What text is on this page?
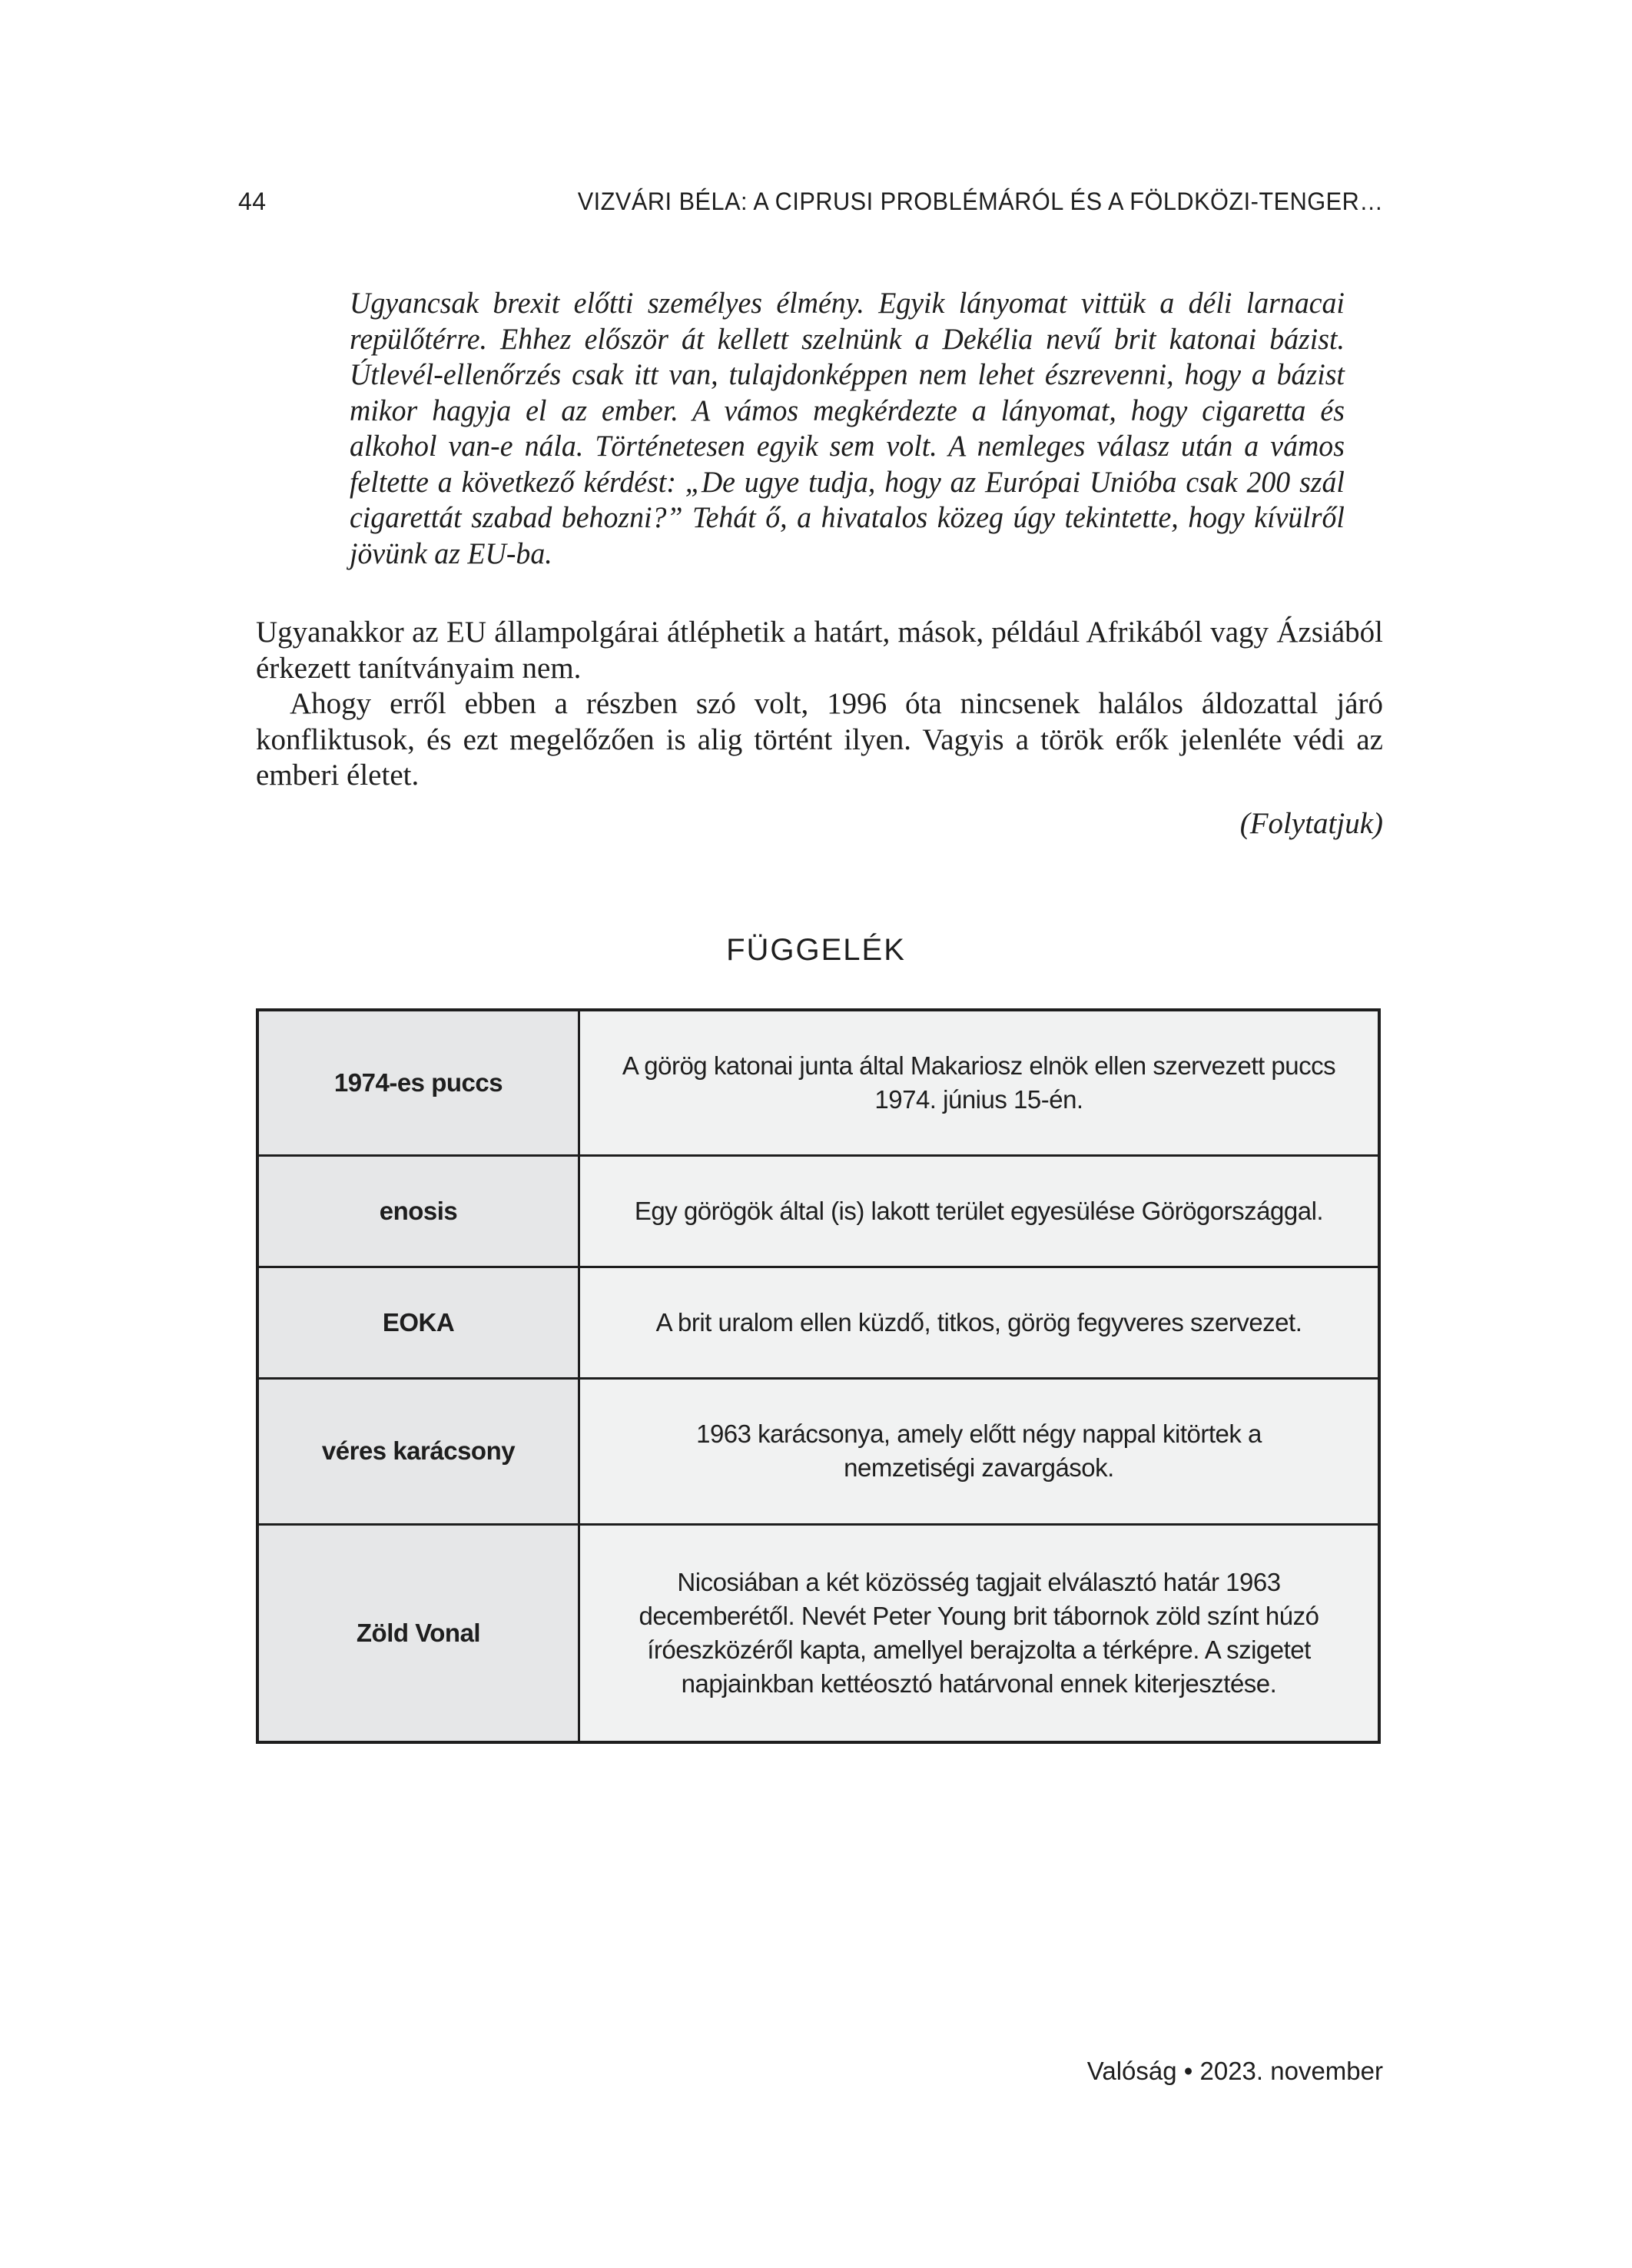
44	VIZVÁRI BÉLA: A CIPRUSI PROBLÉMÁRÓL ÉS A FÖLDKÖZI-TENGER…
Ugyancsak brexit előtti személyes élmény. Egyik lányomat vittük a déli larnacai repülőtérre. Ehhez először át kellett szelnünk a Dekélia nevű brit katonai bázist. Útlevél-ellenőrzés csak itt van, tulajdonképpen nem lehet észrevenni, hogy a bázist mikor hagyja el az ember. A vámos megkérdezte a lányomat, hogy cigaretta és alkohol van-e nála. Történetesen egyik sem volt. A nemleges válasz után a vámos feltette a következő kérdést: „De ugye tudja, hogy az Európai Unióba csak 200 szál cigarettát szabad behozni?” Tehát ő, a hivatalos közeg úgy tekintette, hogy kívülről jövünk az EU-ba.

Ugyanakkor az EU állampolgárai átléphetik a határt, mások, például Afrikából vagy Ázsiából érkezett tanítványaim nem.

Ahogy erről ebben a részben szó volt, 1996 óta nincsenek halálos áldozattal járó konfliktusok, és ezt megelőzően is alig történt ilyen. Vagyis a török erők jelenléte védi az emberi életet.

(Folytatjuk)
FÜGGELÉK
1974-es puccs	A görög katonai junta által Makariosz elnök ellen szervezett puccs 1974. június 15-én.
enosis	Egy görögök által (is) lakott terület egyesülése Görögországgal.
EOKA	A brit uralom ellen küzdő, titkos, görög fegyveres szervezet.
véres karácsony	1963 karácsonya, amely előtt négy nappal kitörtek a nemzetiségi zavargások.
Zöld Vonal	Nicosiában a két közösség tagjait elválasztó határ 1963 decemberétől. Nevét Peter Young brit tábornok zöld színt húzó íróeszközéről kapta, amellyel berajzolta a térképre. A szigetet napjainkban kettéosztó határvonal ennek kiterjesztése.
Valóság • 2023. november
